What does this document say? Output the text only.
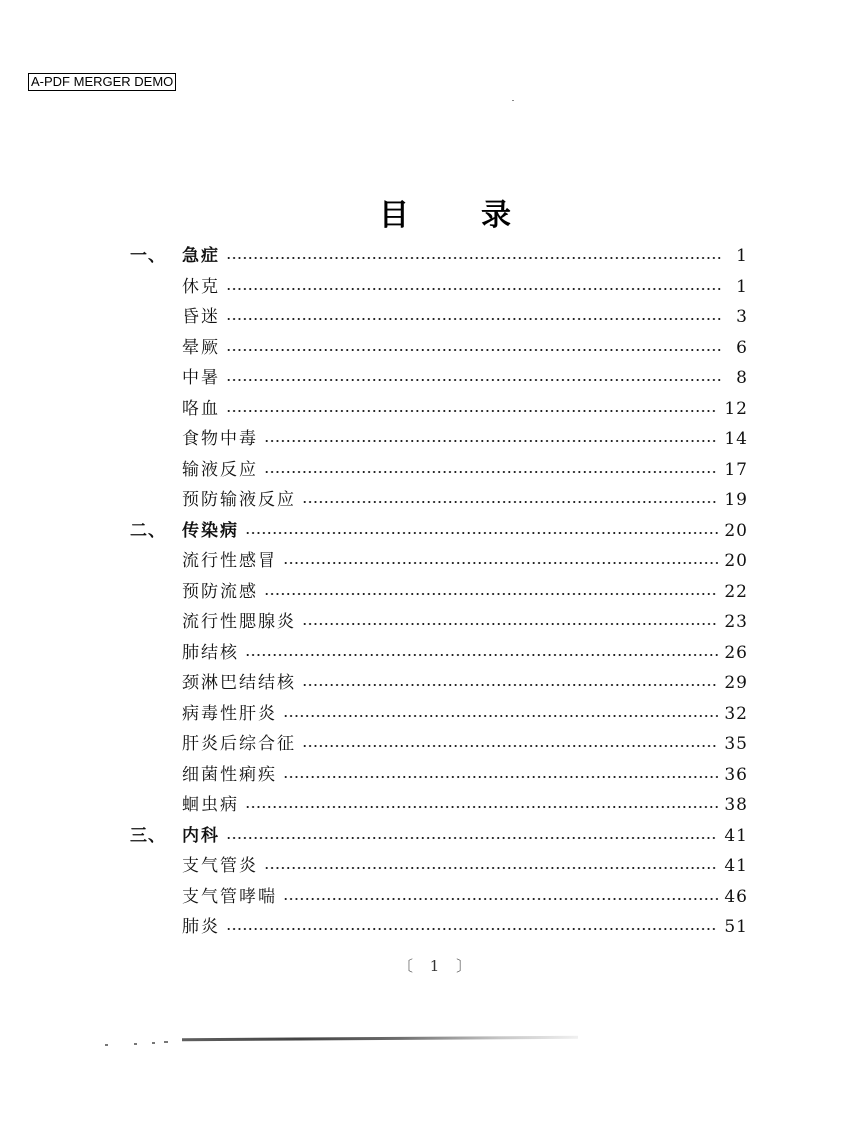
A-PDF MERGER DEMO
目录
一、 急症	1
休克	1
昏迷	3
晕厥	6
中暑	8
咯血	12
食物中毒	14
输液反应	17
预防输液反应	19
二、 传染病	20
流行性感冒	20
预防流感	22
流行性腮腺炎	23
肺结核	26
颈淋巴结结核	29
病毒性肝炎	32
肝炎后综合征	35
细菌性痢疾	36
蛔虫病	38
三、 内科	41
支气管炎	41
支气管哮喘	46
肺炎	51
〔 1 〕
